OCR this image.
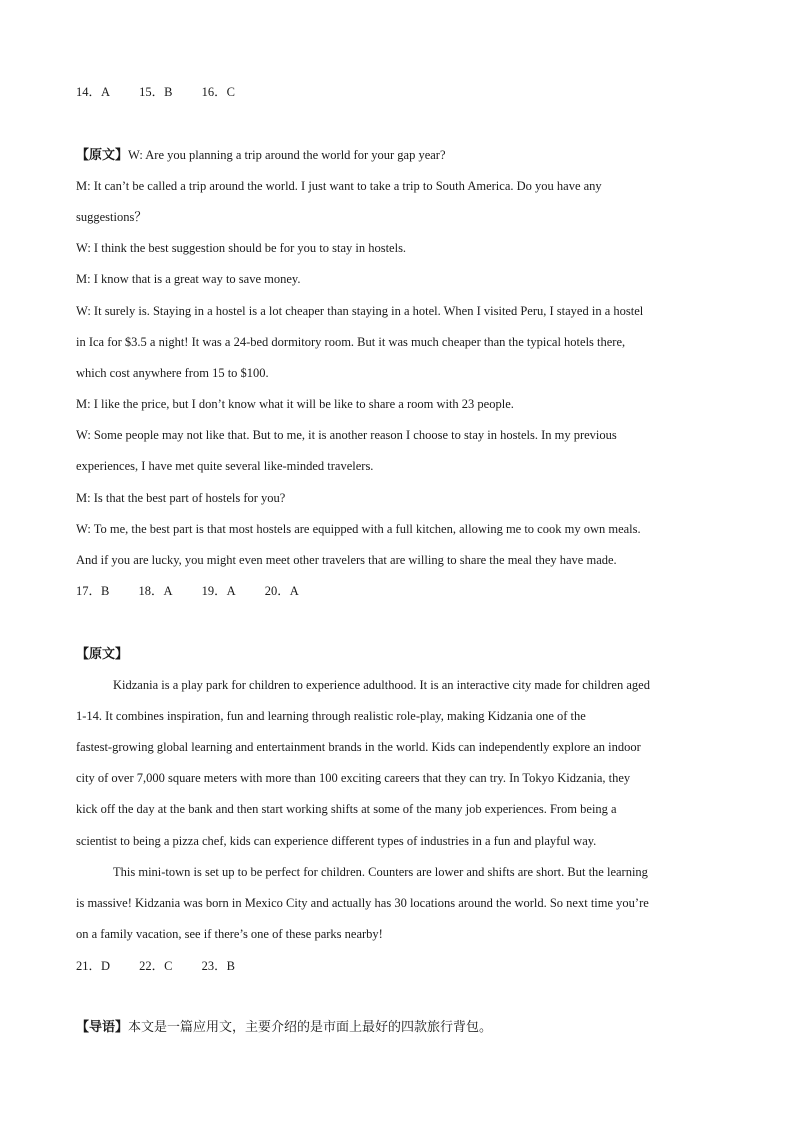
14．A 15．B 16．C
【原文】W: Are you planning a trip around the world for your gap year?
M: It can’t be called a trip around the world. I just want to take a trip to South America. Do you have any
suggestions？
W: I think the best suggestion should be for you to stay in hostels.
M: I know that is a great way to save money.
W: It surely is. Staying in a hostel is a lot cheaper than staying in a hotel. When I visited Peru, I stayed in a hostel
in Ica for $3.5 a night! It was a 24-bed dormitory room. But it was much cheaper than the typical hotels there,
which cost anywhere from 15 to $100.
M: I like the price, but I don’t know what it will be like to share a room with 23 people.
W: Some people may not like that. But to me, it is another reason I choose to stay in hostels. In my previous
experiences, I have met quite several like-minded travelers.
M: Is that the best part of hostels for you?
W: To me, the best part is that most hostels are equipped with a full kitchen, allowing me to cook my own meals.
And if you are lucky, you might even meet other travelers that are willing to share the meal they have made.
17．B 18．A 19．A 20．A
【原文】
Kidzania is a play park for children to experience adulthood. It is an interactive city made for children aged
1-14. It combines inspiration, fun and learning through realistic role-play, making Kidzania one of the
fastest-growing global learning and entertainment brands in the world. Kids can independently explore an indoor
city of over 7,000 square meters with more than 100 exciting careers that they can try. In Tokyo Kidzania, they
kick off the day at the bank and then start working shifts at some of the many job experiences. From being a
scientist to being a pizza chef, kids can experience different types of industries in a fun and playful way.
This mini-town is set up to be perfect for children. Counters are lower and shifts are short. But the learning
is massive! Kidzania was born in Mexico City and actually has 30 locations around the world. So next time you’re
on a family vacation, see if there’s one of these parks nearby!
21．D 22．C 23．B
【导语】本文是一篇应用文，主要介绍的是市面上最好的四款旅行背包。
